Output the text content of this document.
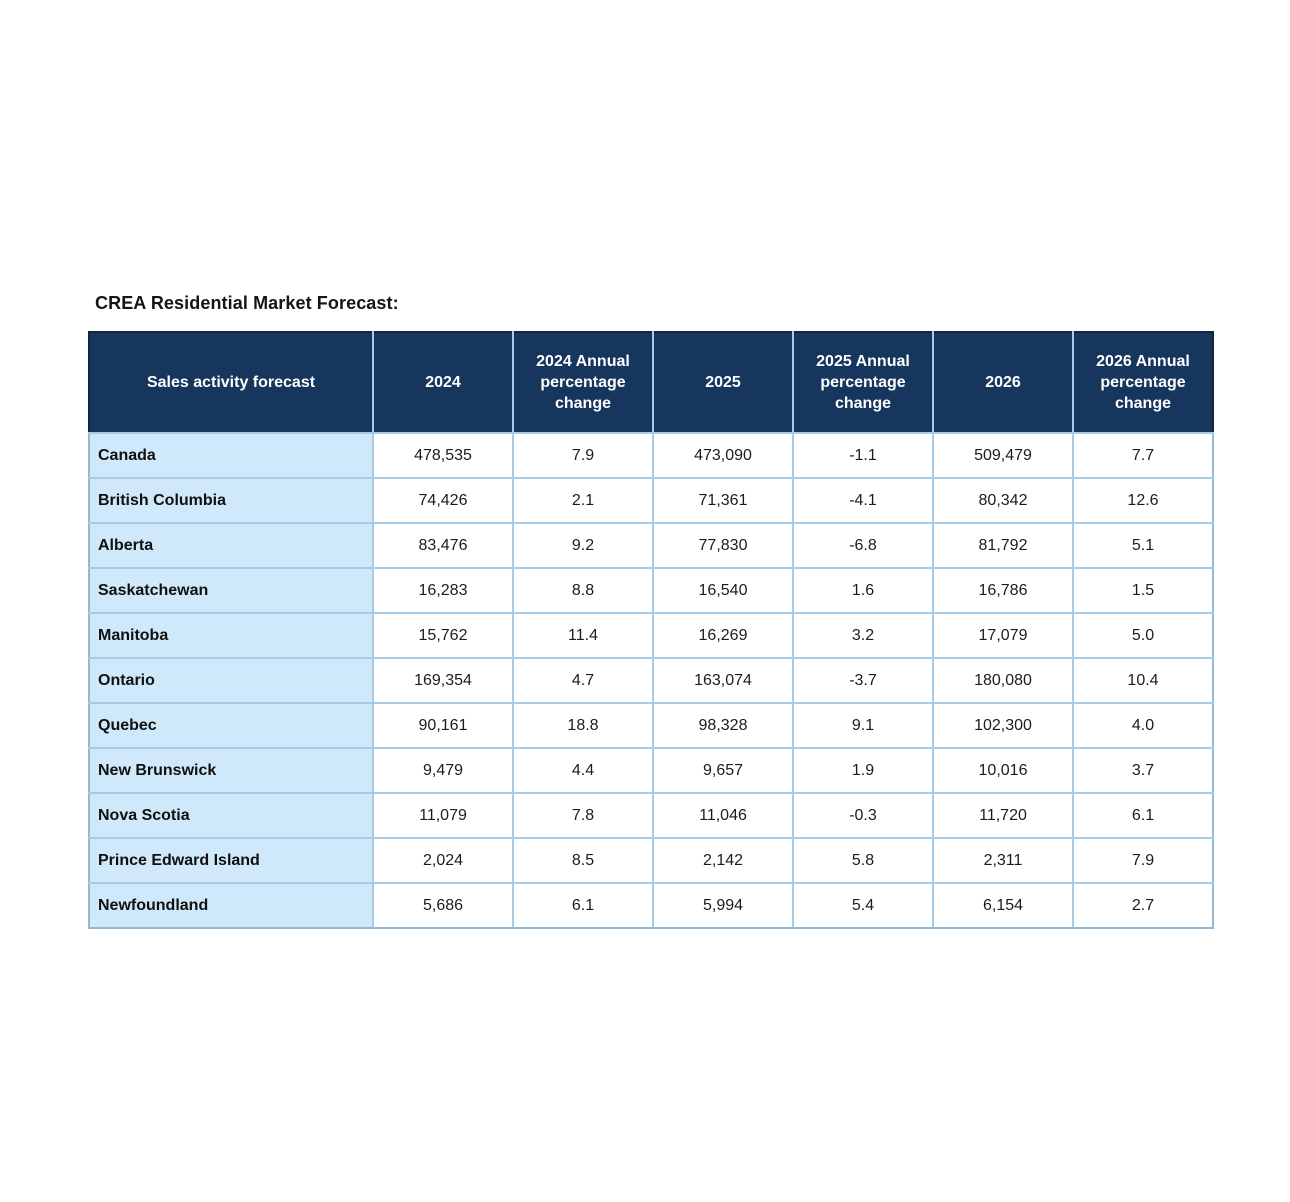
CREA Residential Market Forecast:
Sales activity forecast	2024	2024 Annual percentage change	2025	2025 Annual percentage change	2026	2026 Annual percentage change
Canada	478,535	7.9	473,090	-1.1	509,479	7.7
British Columbia	74,426	2.1	71,361	-4.1	80,342	12.6
Alberta	83,476	9.2	77,830	-6.8	81,792	5.1
Saskatchewan	16,283	8.8	16,540	1.6	16,786	1.5
Manitoba	15,762	11.4	16,269	3.2	17,079	5.0
Ontario	169,354	4.7	163,074	-3.7	180,080	10.4
Quebec	90,161	18.8	98,328	9.1	102,300	4.0
New Brunswick	9,479	4.4	9,657	1.9	10,016	3.7
Nova Scotia	11,079	7.8	11,046	-0.3	11,720	6.1
Prince Edward Island	2,024	8.5	2,142	5.8	2,311	7.9
Newfoundland	5,686	6.1	5,994	5.4	6,154	2.7
